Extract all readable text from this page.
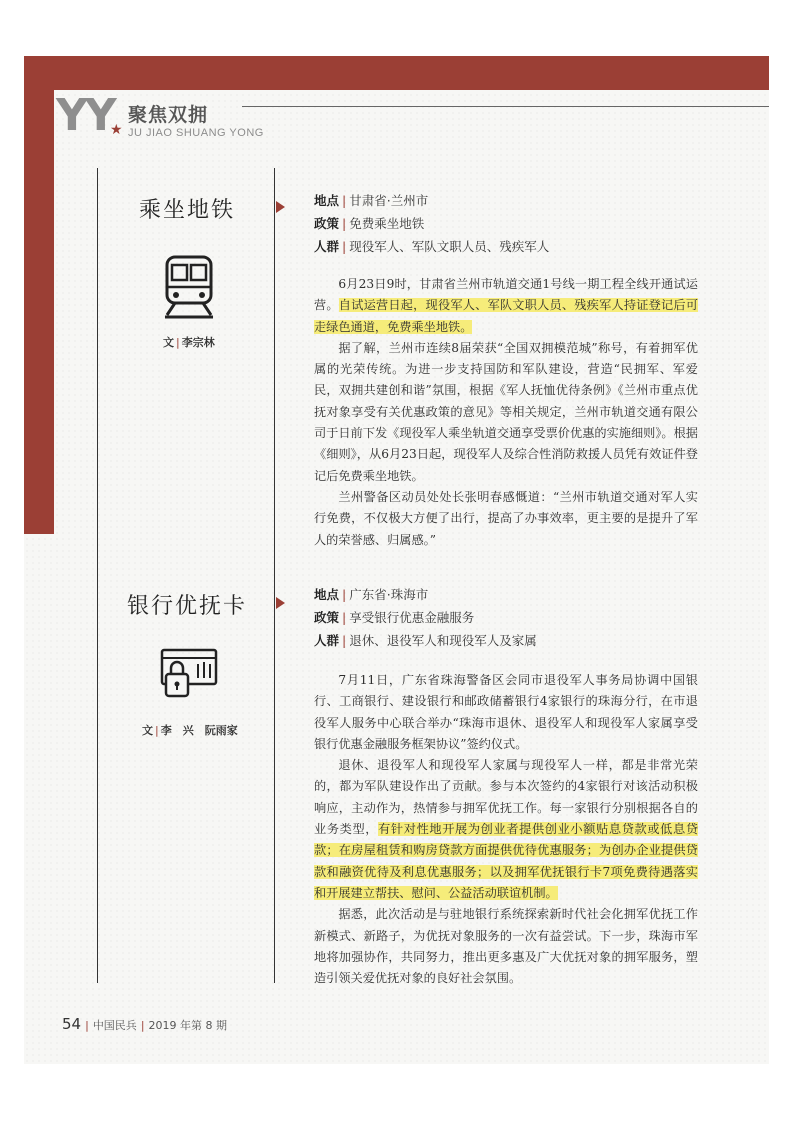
YY
★
聚焦双拥
JU JIAO SHUANG YONG
乘坐地铁
文 | 李宗林
地点 | 甘肃省·兰州市
政策 | 免费乘坐地铁
人群 | 现役军人、军队文职人员、残疾军人

6月23日9时，甘肃省兰州市轨道交通1号线一期工程全线开通试运营。自试运营日起，现役军人、军队文职人员、残疾军人持证登记后可走绿色通道，免费乘坐地铁。

据了解，兰州市连续8届荣获“全国双拥模范城”称号，有着拥军优属的光荣传统。为进一步支持国防和军队建设，营造“民拥军、军爱民，双拥共建创和谐”氛围，根据《军人抚恤优待条例》《兰州市重点优抚对象享受有关优惠政策的意见》等相关规定，兰州市轨道交通有限公司于日前下发《现役军人乘坐轨道交通享受票价优惠的实施细则》。根据《细则》，从6月23日起，现役军人及综合性消防救援人员凭有效证件登记后免费乘坐地铁。

兰州警备区动员处处长张明春感慨道：“兰州市轨道交通对军人实行免费，不仅极大方便了出行，提高了办事效率，更主要的是提升了军人的荣誉感、归属感。”

银行优抚卡
文 | 李　兴　阮雨家
地点 | 广东省·珠海市
政策 | 享受银行优惠金融服务
人群 | 退休、退役军人和现役军人及家属

7月11日，广东省珠海警备区会同市退役军人事务局协调中国银行、工商银行、建设银行和邮政储蓄银行4家银行的珠海分行，在市退役军人服务中心联合举办“珠海市退休、退役军人和现役军人家属享受银行优惠金融服务框架协议”签约仪式。

退休、退役军人和现役军人家属与现役军人一样，都是非常光荣的，都为军队建设作出了贡献。参与本次签约的4家银行对该活动积极响应，主动作为，热情参与拥军优抚工作。每一家银行分别根据各自的业务类型，有针对性地开展为创业者提供创业小额贴息贷款或低息贷款；在房屋租赁和购房贷款方面提供优待优惠服务；为创办企业提供贷款和融资优待及利息优惠服务；以及拥军优抚银行卡7项免费待遇落实和开展建立帮扶、慰问、公益活动联谊机制。

据悉，此次活动是与驻地银行系统探索新时代社会化拥军优抚工作新模式、新路子，为优抚对象服务的一次有益尝试。下一步，珠海市军地将加强协作，共同努力，推出更多惠及广大优抚对象的拥军服务，塑造引领关爱优抚对象的良好社会氛围。

54 | 中国民兵 | 2019 年第 8 期
